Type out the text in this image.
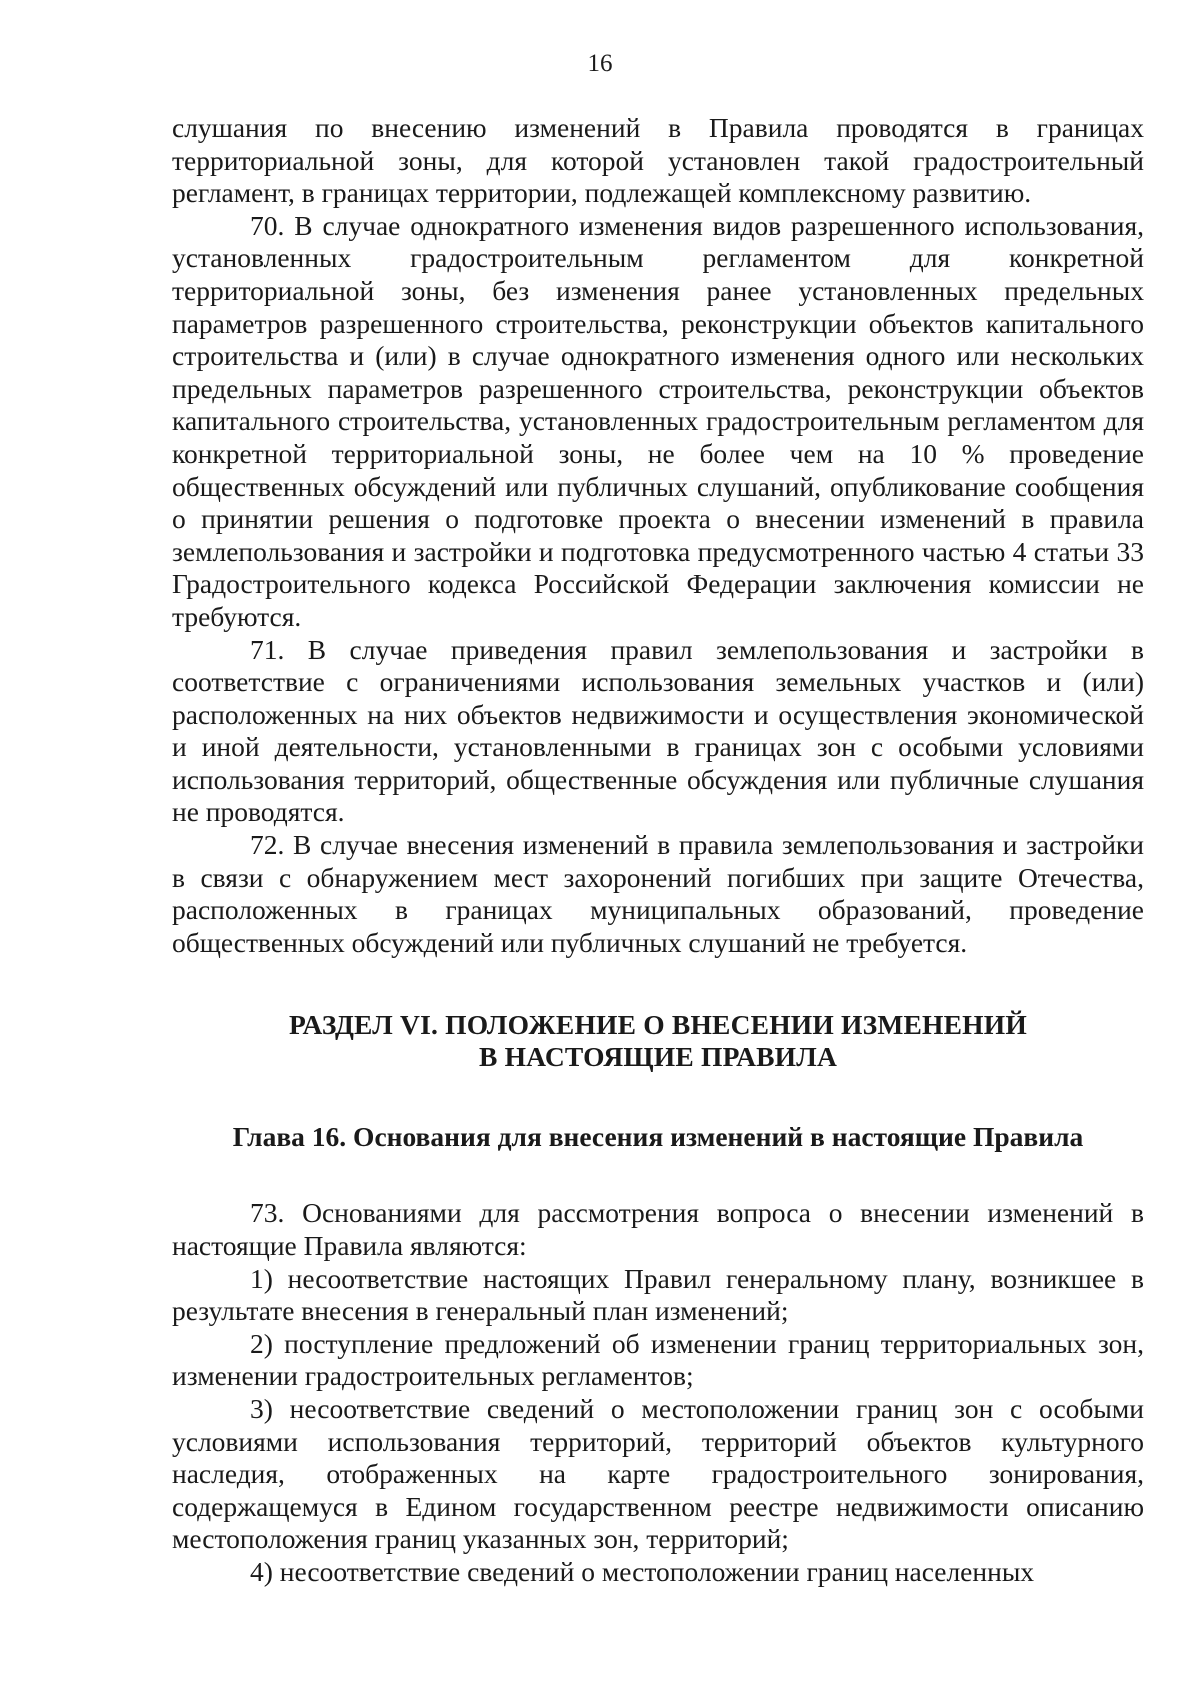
16

слушания по внесению изменений в Правила проводятся в границах территориальной зоны, для которой установлен такой градостроительный регламент, в границах территории, подлежащей комплексному развитию.

70. В случае однократного изменения видов разрешенного использования, установленных градостроительным регламентом для конкретной территориальной зоны, без изменения ранее установленных предельных параметров разрешенного строительства, реконструкции объектов капитального строительства и (или) в случае однократного изменения одного или нескольких предельных параметров разрешенного строительства, реконструкции объектов капитального строительства, установленных градостроительным регламентом для конкретной территориальной зоны, не более чем на 10 % проведение общественных обсуждений или публичных слушаний, опубликование сообщения о принятии решения о подготовке проекта о внесении изменений в правила землепользования и застройки и подготовка предусмотренного частью 4 статьи 33 Градостроительного кодекса Российской Федерации заключения комиссии не требуются.

71. В случае приведения правил землепользования и застройки в соответствие с ограничениями использования земельных участков и (или) расположенных на них объектов недвижимости и осуществления экономической и иной деятельности, установленными в границах зон с особыми условиями использования территорий, общественные обсуждения или публичные слушания не проводятся.

72. В случае внесения изменений в правила землепользования и застройки в связи с обнаружением мест захоронений погибших при защите Отечества, расположенных в границах муниципальных образований, проведение общественных обсуждений или публичных слушаний не требуется.

РАЗДЕЛ VI. ПОЛОЖЕНИЕ О ВНЕСЕНИИ ИЗМЕНЕНИЙ
В НАСТОЯЩИЕ ПРАВИЛА
Глава 16. Основания для внесения изменений в настоящие Правила

73. Основаниями для рассмотрения вопроса о внесении изменений в настоящие Правила являются:

1) несоответствие настоящих Правил генеральному плану, возникшее в результате внесения в генеральный план изменений;

2) поступление предложений об изменении границ территориальных зон, изменении градостроительных регламентов;

3) несоответствие сведений о местоположении границ зон с особыми условиями использования территорий, территорий объектов культурного наследия, отображенных на карте градостроительного зонирования, содержащемуся в Едином государственном реестре недвижимости описанию местоположения границ указанных зон, территорий;

4) несоответствие сведений о местоположении границ населенных
